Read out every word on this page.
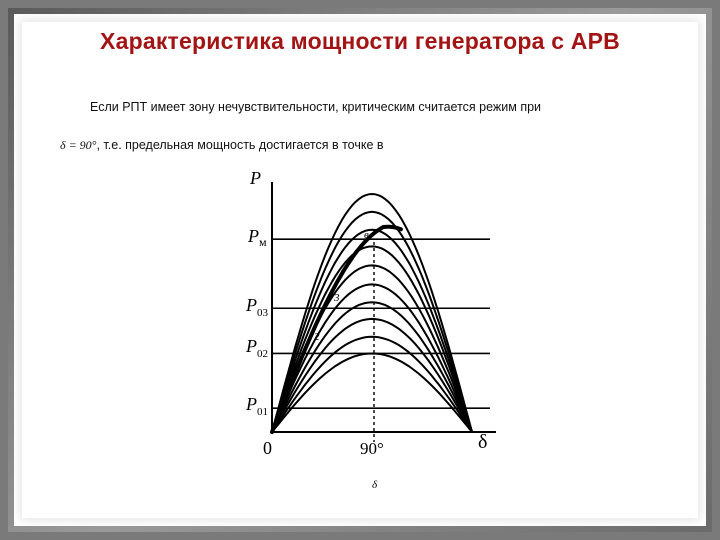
Характеристика мощности генератора с АРВ
Если РПТ имеет зону нечувствительности, критическим считается режим при
δ = 90°, т.е. предельная мощность достигается в точке в
P
$P_м$
$P_{03}$
$P_{02}$
$P_{01}$
0	90°	δ
в
3
2
δ
